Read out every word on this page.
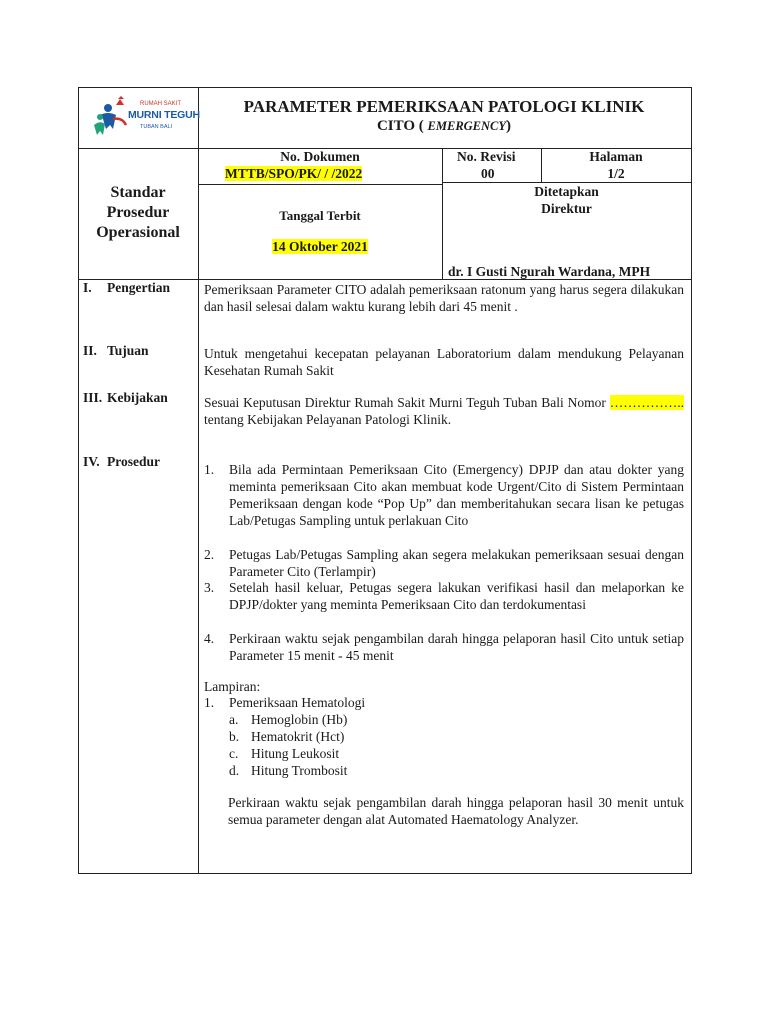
RUMAH SAKIT
MURNI TEGUH
TUBAN BALI
PARAMETER PEMERIKSAAN PATOLOGI KLINIK
CITO ( EMERGENCY)
Standar
Prosedur
Operasional
No. Dokumen
MTTB/SPO/PK/ / /2022
No. Revisi
00
Halaman
1/2
Tanggal Terbit
14 Oktober 2021
Ditetapkan
Direktur
dr. I Gusti Ngurah Wardana, MPH
I. Pengertian
II. Tujuan
III. Kebijakan
IV. Prosedur
Pemeriksaan Parameter CITO adalah pemeriksaan ratonum yang harus segera dilakukan dan hasil selesai dalam waktu kurang lebih dari 45 menit .
Untuk mengetahui kecepatan pelayanan Laboratorium dalam mendukung Pelayanan Kesehatan Rumah Sakit
Sesuai Keputusan Direktur Rumah Sakit Murni Teguh Tuban Bali Nomor …………….. tentang Kebijakan Pelayanan Patologi Klinik.
1. Bila ada Permintaan Pemeriksaan Cito (Emergency) DPJP dan atau dokter yang meminta pemeriksaan Cito akan membuat kode Urgent/Cito di Sistem Permintaan Pemeriksaan dengan kode “Pop Up” dan memberitahukan secara lisan ke petugas Lab/Petugas Sampling untuk perlakuan Cito
2. Petugas Lab/Petugas Sampling akan segera melakukan pemeriksaan sesuai dengan Parameter Cito (Terlampir)
3. Setelah hasil keluar, Petugas segera lakukan verifikasi hasil dan melaporkan ke DPJP/dokter yang meminta Pemeriksaan Cito dan terdokumentasi
4. Perkiraan waktu sejak pengambilan darah hingga pelaporan hasil Cito untuk setiap Parameter 15 menit - 45 menit
Lampiran:
1. Pemeriksaan Hematologi
a. Hemoglobin (Hb)
b. Hematokrit (Hct)
c. Hitung Leukosit
d. Hitung Trombosit
Perkiraan waktu sejak pengambilan darah hingga pelaporan hasil 30 menit untuk semua parameter dengan alat Automated Haematology Analyzer.
